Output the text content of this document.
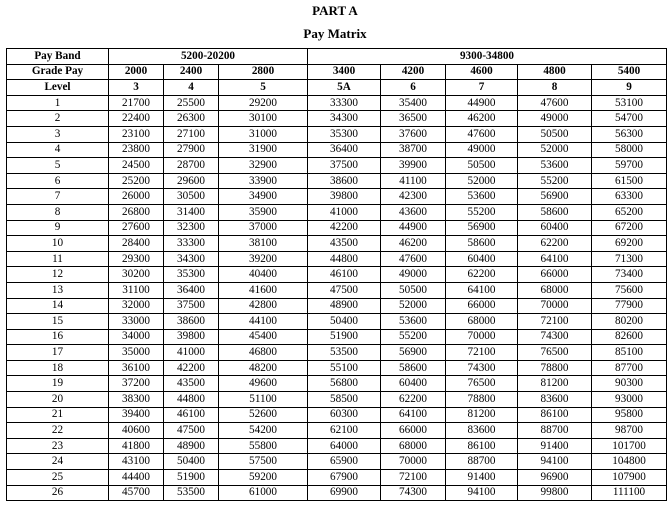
PART A
Pay Matrix
Pay Band	5200-20200			9300-34800				
Grade Pay	2000	2400	2800	3400	4200	4600	4800	5400
Level	3	4	5	5A	6	7	8	9
1	21700	25500	29200	33300	35400	44900	47600	53100
2	22400	26300	30100	34300	36500	46200	49000	54700
3	23100	27100	31000	35300	37600	47600	50500	56300
4	23800	27900	31900	36400	38700	49000	52000	58000
5	24500	28700	32900	37500	39900	50500	53600	59700
6	25200	29600	33900	38600	41100	52000	55200	61500
7	26000	30500	34900	39800	42300	53600	56900	63300
8	26800	31400	35900	41000	43600	55200	58600	65200
9	27600	32300	37000	42200	44900	56900	60400	67200
10	28400	33300	38100	43500	46200	58600	62200	69200
11	29300	34300	39200	44800	47600	60400	64100	71300
12	30200	35300	40400	46100	49000	62200	66000	73400
13	31100	36400	41600	47500	50500	64100	68000	75600
14	32000	37500	42800	48900	52000	66000	70000	77900
15	33000	38600	44100	50400	53600	68000	72100	80200
16	34000	39800	45400	51900	55200	70000	74300	82600
17	35000	41000	46800	53500	56900	72100	76500	85100
18	36100	42200	48200	55100	58600	74300	78800	87700
19	37200	43500	49600	56800	60400	76500	81200	90300
20	38300	44800	51100	58500	62200	78800	83600	93000
21	39400	46100	52600	60300	64100	81200	86100	95800
22	40600	47500	54200	62100	66000	83600	88700	98700
23	41800	48900	55800	64000	68000	86100	91400	101700
24	43100	50400	57500	65900	70000	88700	94100	104800
25	44400	51900	59200	67900	72100	91400	96900	107900
26	45700	53500	61000	69900	74300	94100	99800	111100
